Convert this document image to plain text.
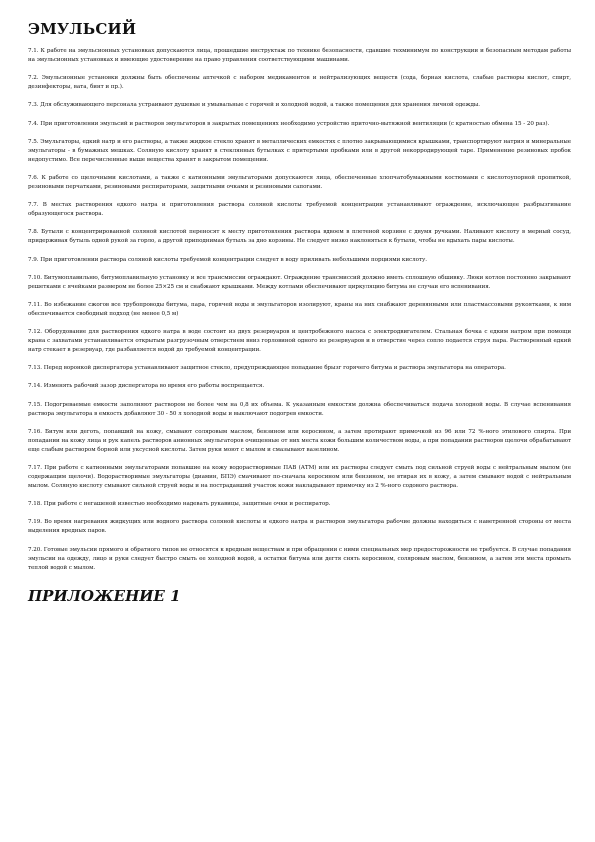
ЭМУЛЬСИЙ

7.1. К работе на эмульсионных установках допускаются лица, прошедшие инструктаж по технике безопасности, сдавшие техминимум по конструкции и безопасным методам работы на эмульсионных установках и имеющие удостоверение на право управления соответствующими машинами.

7.2. Эмульсионные установки должны быть обеспечены аптечкой с набором медикаментов и нейтрализующих веществ (сода, борная кислота, слабые растворы кислот, спирт, дезинфекторы, вата, бинт и пр.).

7.3. Для обслуживающего персонала устраивают душевые и умывальные с горячей и холодной водой, а также помещения для хранения личной одежды.

7.4. При приготовлении эмульсий и растворов эмульгаторов в закрытых помещениях необходимо устройство приточно-вытяжной вентиляции (с кратностью обмена 15 - 20 раз).

7.5. Эмульгаторы, едкий натр и его растворы, а также жидкое стекло хранят в металлических емкостях с плотно закрывающимися крышками, транспортируют натрия и минеральные эмульгаторы - в бумажных мешках. Соляную кислоту хранят в стеклянных бутылках с притертыми пробками или в другой некорродирующей таре. Применение резиновых пробок недопустимо. Все перечисленные выше вещества хранят в закрытом помещении.

7.6. К работе со щелочными кислотами, а также с катионными эмульгаторами допускаются лица, обеспеченные хлопчатобумажными костюмами с кислотоупорной пропиткой, резиновыми перчатками, резиновыми респираторами, защитными очками и резиновыми сапогами.

7.7. В местах растворения едкого натра и приготовления раствора соляной кислоты требуемой концентрации устанавливают ограждение, исключающее разбрызгивание образующегося раствора.

7.8. Бутыли с концентрированной соляной кислотой переносят к месту приготовления раствора вдвоем в плетеной корзине с двумя ручками. Наливают кислоту в мерный сосуд, придерживая бутыль одной рукой за горло, а другой приподнимая бутыль за дно корзины. Не следует низко наклоняться к бутыли, чтобы не вдыхать пары кислоты.

7.9. При приготовлении раствора соляной кислоты требуемой концентрации следует в воду приливать небольшими порциями кислоту.

7.10. Битумоплавильню, битумоплавильную установку и все трансмиссии ограждают. Ограждение трансмиссий должно иметь сплошную обшивку. Люки котлов постоянно закрывают решетками с ячейками размером не более 25×25 см и снабжают крышками. Между котлами обеспечивают циркуляцию битума не случаи его вспенивания.

7.11. Во избежание сжогов все трубопроводы битума, пара, горячей воды и эмульгаторов изолируют, краны на них снабжают деревянными или пластмассовыми рукоятками, к ним обеспечивается свободный подход (не менее 0,5 м)

7.12. Оборудование для растворения едкого натра в воде состоит из двух резервуаров и центробежного насоса с электродвигателем. Стальная бочка с едким натром при помощи крана с захватами устанавливается открытым разгрузочным отверстием вниз горловиной одного из резервуаров и в отверстие через сопло подается струя пара. Растворенный едкий натр стекает в резервуар, где разбавляется водой до требуемой концентрации.

7.13. Перед воронкой диспергатора устанавливают защитное стекло, предупреждающее попадание брызг горячего битума и раствора эмульгатора на оператора.

7.14. Изменять рабочий зазор диспергатора во время его работы воспрещается.

7.15. Подогреваемые емкости заполняют раствором не более чем на 0,8 их объема. К указанным емкостям должна обеспечиваться подача холодной воды. В случае вспенивания раствора эмульгатора в емкость добавляют 30 - 50 л холодной воды и выключают подогрев емкости.

7.16. Битум или деготь, попавший на кожу, смывают соляровым маслом, бензином или керосином, а затем протирают примочкой из 96 или 72 %-ного этилового спирта. При попадании на кожу лица и рук капель растворов анионных эмульгаторов очищенные от них места кожи большим количеством воды, а при попадании растворов щелочи обрабатывают еще слабым раствором борной или уксусной кислоты. Затем руки моют с мылом и смазывают вазелином.

7.17. При работе с катионными эмульгаторами попавшие на кожу водорастворимые ПАВ (АТМ) или их растворы следует смыть под сильной струей воды с нейтральным мылом (не содержащим щелочи). Водорастворимые эмульгаторы (диамин, БПЭ) смачивают по-сначала керосином или бензином, не втирая их в кожу, а затем смывают водой с нейтральным мылом. Соляную кислоту смывают сильной струей воды и на пострадавший участок кожи накладывают примочку из 2 %-ного содового раствора.

7.18. При работе с негашеной известью необходимо надевать рукавицы, защитные очки и респиратор.

7.19. Во время нагревания жидкущих или водного раствора соляной кислоты и едкого натра и растворов эмульгатора рабочие должны находиться с наветренной стороны от места выделения вредных паров.

7.20. Готовые эмульсии прямого и обратного типов не относятся к вредным веществам и при обращении с ними специальных мер предосторожности не требуется. В случае попадания эмульсии на одежду, лицо и руки следует быстро смыть ее холодной водой, а остатки битума или дегтя снять керосином, соляровым маслом, бензином, а затем эти места промыть теплой водой с мылом.

ПРИЛОЖЕНИЕ 1
